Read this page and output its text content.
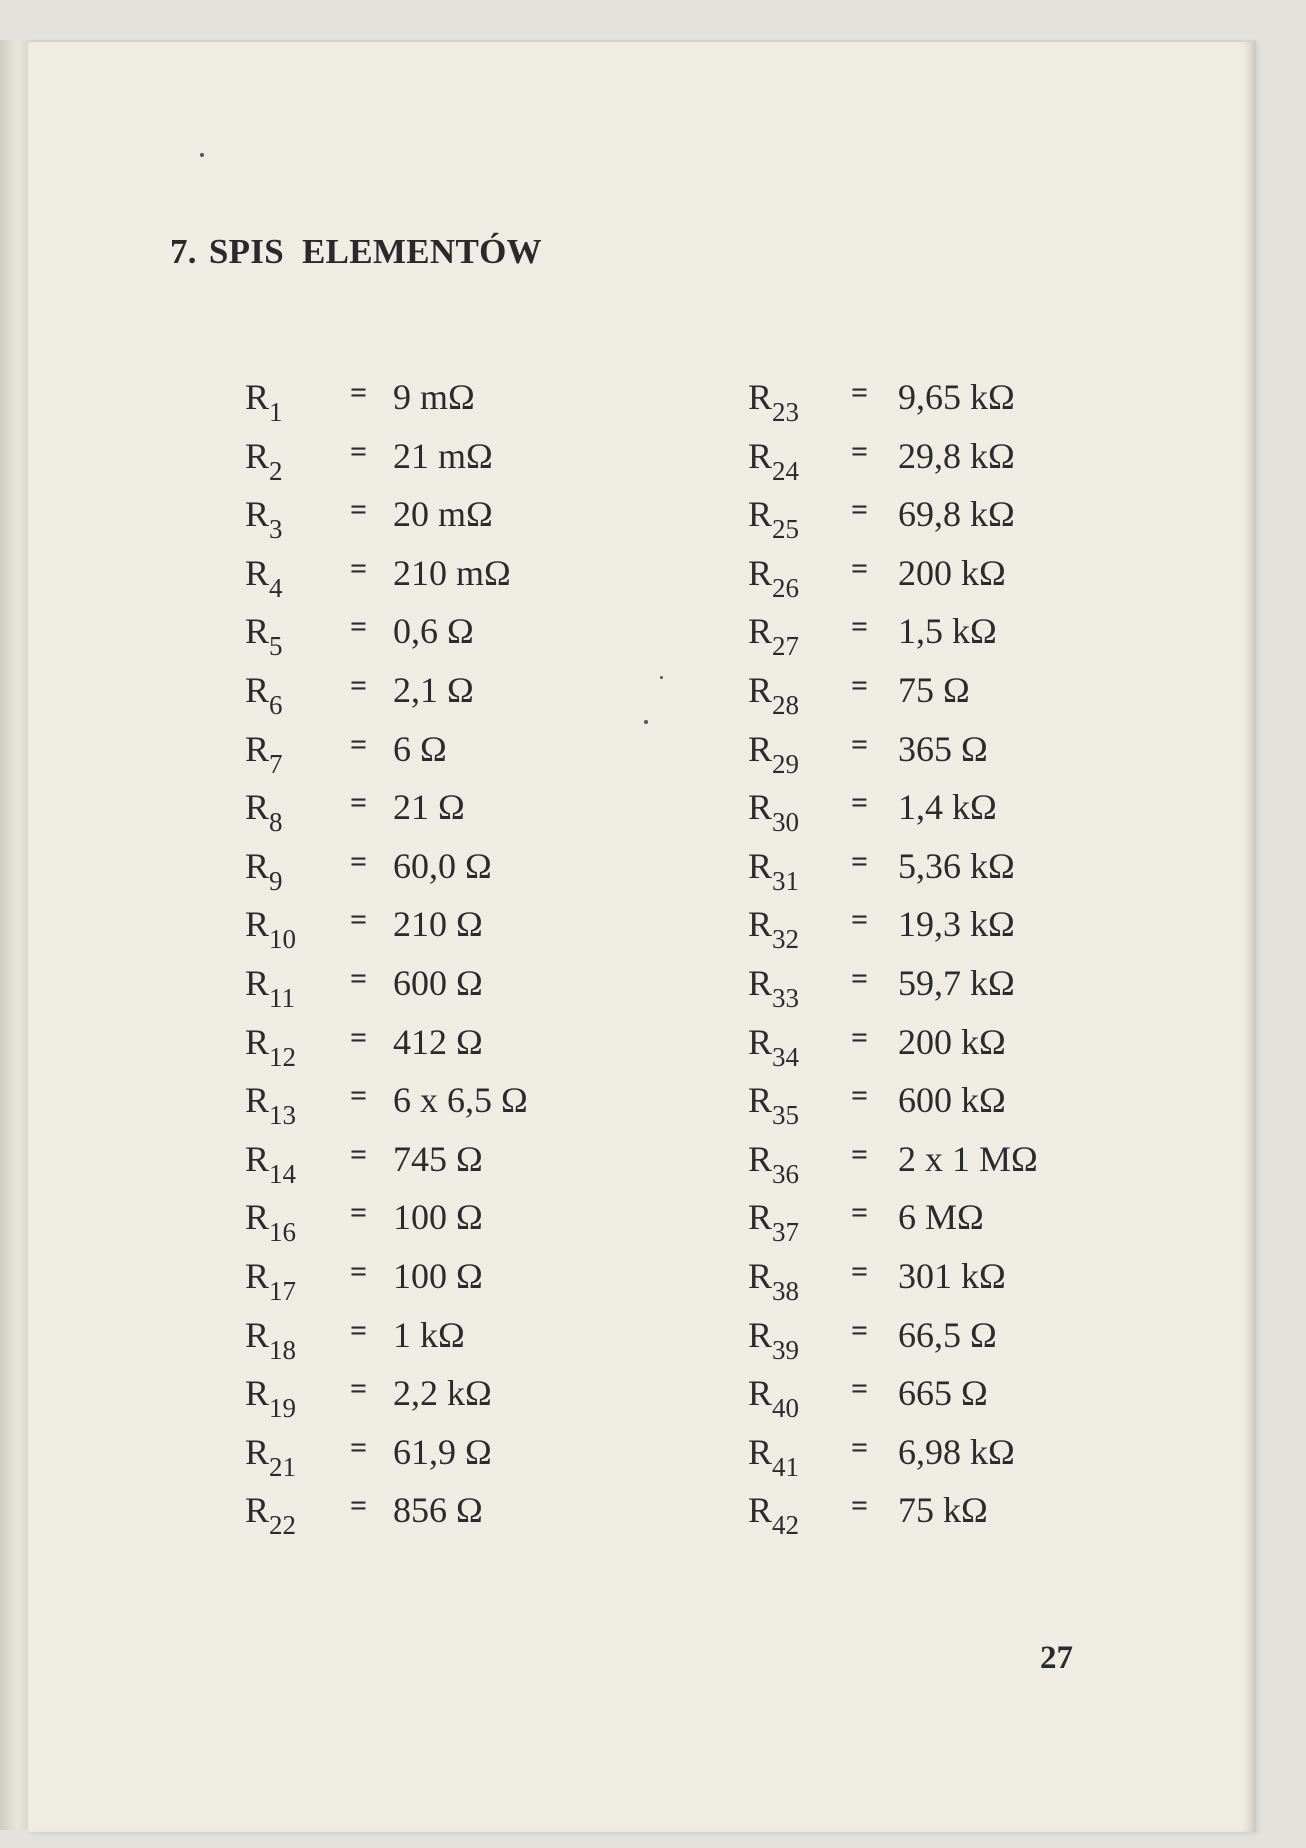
7. SPIS ELEMENTÓW
$R_1$
= 9 mΩ
$R_2$
= 21 mΩ
$R_3$
= 20 mΩ
$R_4$
= 210 mΩ
$R_5$
= 0,6 Ω
$R_6$
= 2,1 Ω
$R_7$
= 6 Ω
$R_8$
= 21 Ω
$R_9$
= 60,0 Ω
$R_{10}$
= 210 Ω
$R_{11}$
= 600 Ω
$R_{12}$
= 412 Ω
$R_{13}$
= 6 x 6,5 Ω
$R_{14}$
= 745 Ω
$R_{16}$
= 100 Ω
$R_{17}$
= 100 Ω
$R_{18}$
= 1 kΩ
$R_{19}$
= 2,2 kΩ
$R_{21}$
= 61,9 Ω
$R_{22}$
= 856 Ω
$R_{23}$
= 9,65 kΩ
$R_{24}$
= 29,8 kΩ
$R_{25}$
= 69,8 kΩ
$R_{26}$
= 200 kΩ
$R_{27}$
= 1,5 kΩ
$R_{28}$
= 75 Ω
$R_{29}$
= 365 Ω
$R_{30}$
= 1,4 kΩ
$R_{31}$
= 5,36 kΩ
$R_{32}$
= 19,3 kΩ
$R_{33}$
= 59,7 kΩ
$R_{34}$
= 200 kΩ
$R_{35}$
= 600 kΩ
$R_{36}$
= 2 x 1 MΩ
$R_{37}$
= 6 MΩ
$R_{38}$
= 301 kΩ
$R_{39}$
= 66,5 Ω
$R_{40}$
= 665 Ω
$R_{41}$
= 6,98 kΩ
$R_{42}$
= 75 kΩ
27
